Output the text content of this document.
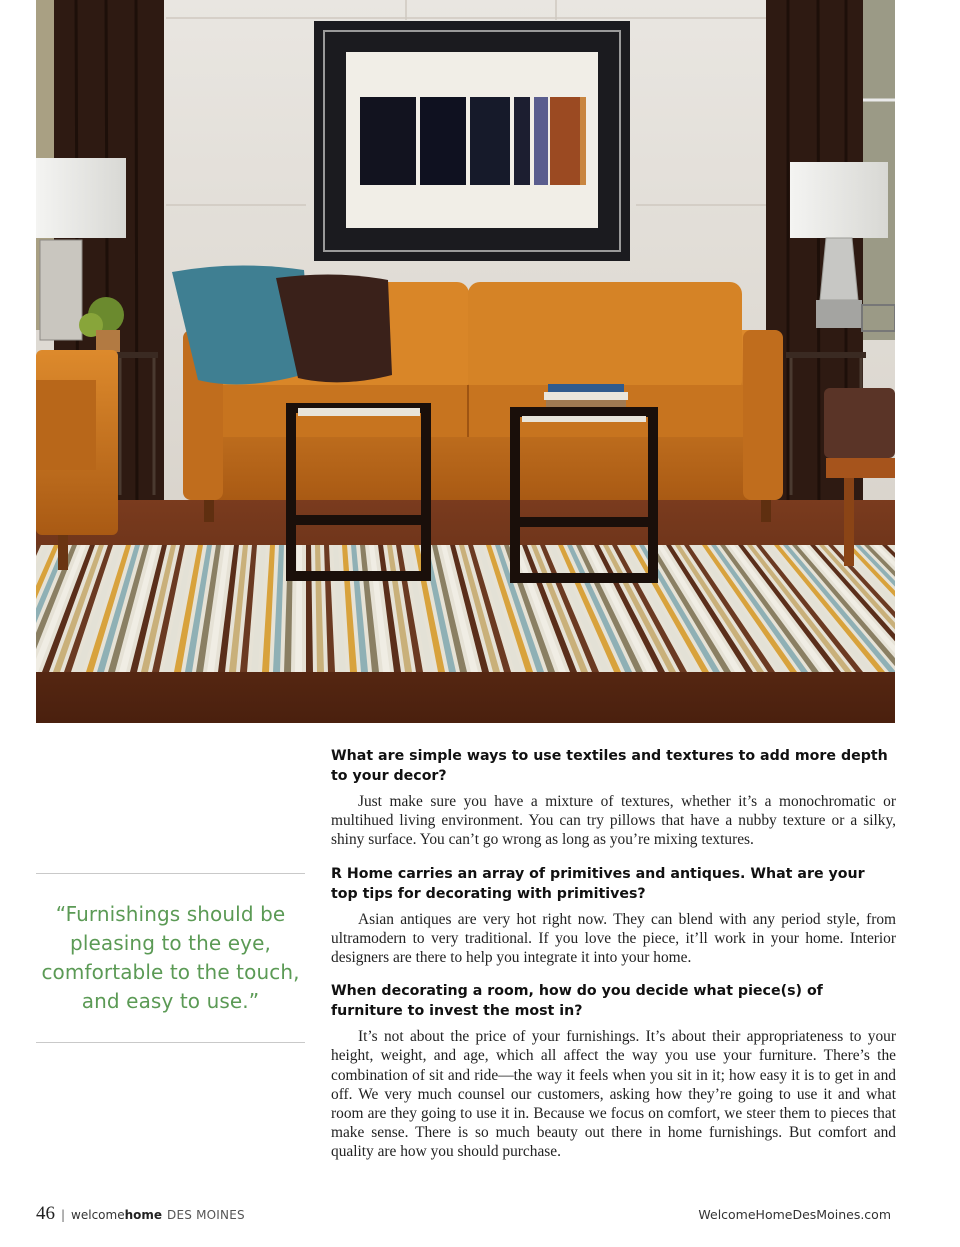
“Furnishings should be pleasing to the eye, comfortable to the touch, and easy to use.”

What are simple ways to use textiles and textures to add more depth to your decor?

Just make sure you have a mixture of textures, whether it’s a monochromatic or multihued living environment. You can try pillows that have a nubby texture or a silky, shiny surface. You can’t go wrong as long as you’re mixing textures.

R Home carries an array of primitives and antiques. What are your top tips for decorating with primitives?

Asian antiques are very hot right now. They can blend with any period style, from ultramodern to very traditional. If you love the piece, it’ll work in your home. Interior designers are there to help you integrate it into your home.

When decorating a room, how do you decide what piece(s) of furniture to invest the most in?

It’s not about the price of your furnishings. It’s about their appropriateness to your height, weight, and age, which all affect the way you use your furniture. There’s the combination of sit and ride—the way it feels when you sit in it; how easy it is to get in and off. We very much counsel our customers, asking how they’re going to use it and what room are they going to use it in. Because we focus on comfort, we steer them to pieces that make sense. There is so much beauty out there in home furnishings. But comfort and quality are how you should purchase.

46 | welcome home DES MOINES	WelcomeHomeDesMoines.com
